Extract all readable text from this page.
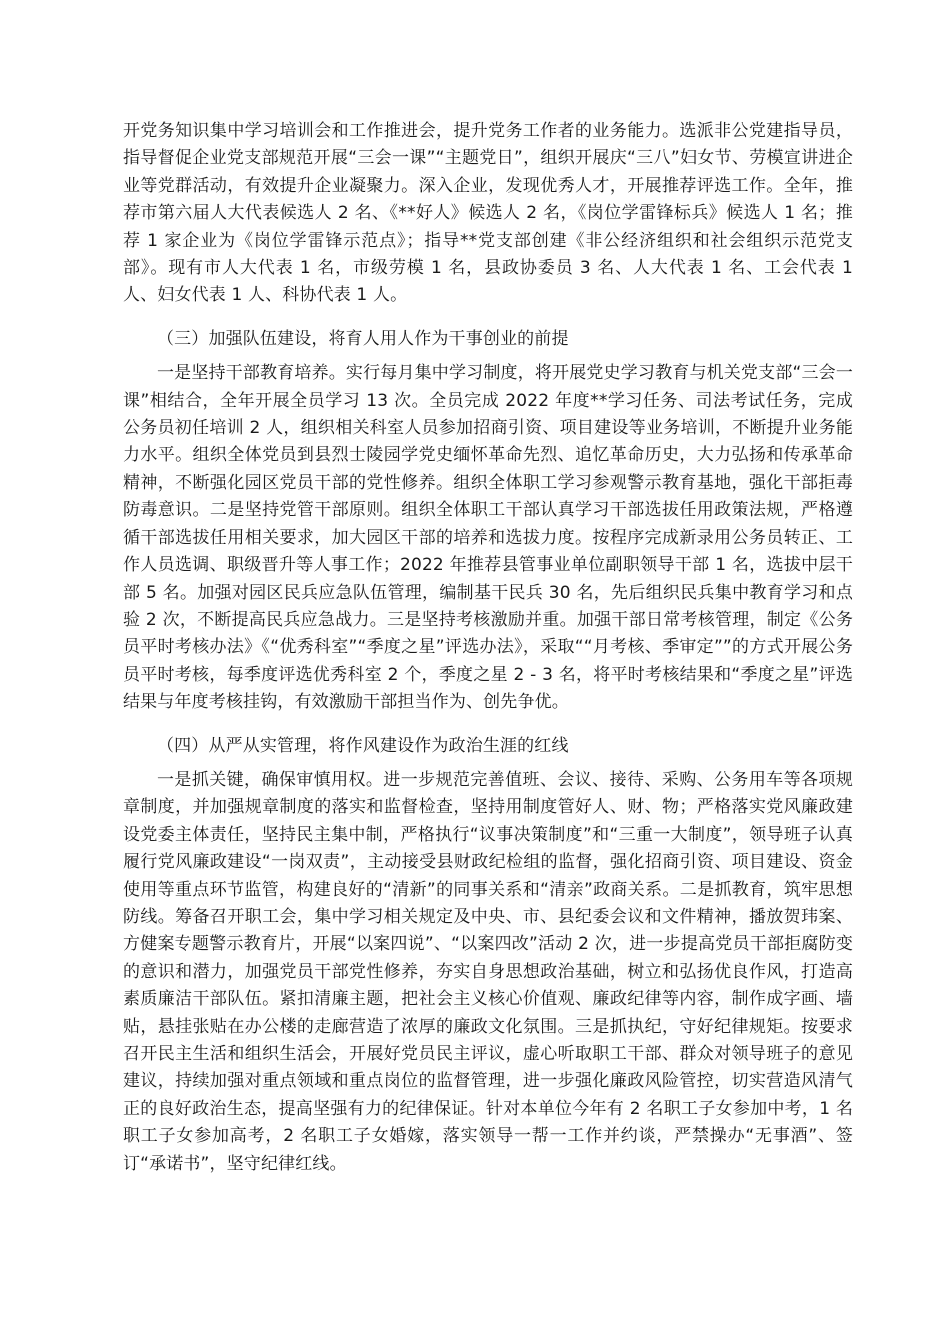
开党务知识集中学习培训会和工作推进会，提升党务工作者的业务能力。选派非公党建指导员，指导督促企业党支部规范开展“三会一课”“主题党日”，组织开展庆“三八”妇女节、劳模宣讲进企业等党群活动，有效提升企业凝聚力。深入企业，发现优秀人才，开展推荐评选工作。全年，推荐市第六届人大代表候选人 2 名、《**好人》候选人 2 名，《岗位学雷锋标兵》候选人 1 名；推荐 1 家企业为《岗位学雷锋示范点》；指导**党支部创建《非公经济组织和社会组织示范党支部》。现有市人大代表 1 名，市级劳模 1 名，县政协委员 3 名、人大代表 1 名、工会代表 1 人、妇女代表 1 人、科协代表 1 人。

（三）加强队伍建设，将育人用人作为干事创业的前提

一是坚持干部教育培养。实行每月集中学习制度，将开展党史学习教育与机关党支部“三会一课”相结合，全年开展全员学习 13 次。全员完成 2022 年度**学习任务、司法考试任务，完成公务员初任培训 2 人，组织相关科室人员参加招商引资、项目建设等业务培训，不断提升业务能力水平。组织全体党员到县烈士陵园学党史缅怀革命先烈、追忆革命历史，大力弘扬和传承革命精神，不断强化园区党员干部的党性修养。组织全体职工学习参观警示教育基地，强化干部拒毒防毒意识。二是坚持党管干部原则。组织全体职工干部认真学习干部选拔任用政策法规，严格遵循干部选拔任用相关要求，加大园区干部的培养和选拔力度。按程序完成新录用公务员转正、工作人员选调、职级晋升等人事工作；2022 年推荐县管事业单位副职领导干部 1 名，选拔中层干部 5 名。加强对园区民兵应急队伍管理，编制基干民兵 30 名，先后组织民兵集中教育学习和点验 2 次，不断提高民兵应急战力。三是坚持考核激励并重。加强干部日常考核管理，制定《公务员平时考核办法》《“优秀科室”“季度之星”评选办法》，采取““月考核、季审定””的方式开展公务员平时考核，每季度评选优秀科室 2 个，季度之星 2 - 3 名，将平时考核结果和“季度之星”评选结果与年度考核挂钩，有效激励干部担当作为、创先争优。

（四）从严从实管理，将作风建设作为政治生涯的红线

一是抓关键，确保审慎用权。进一步规范完善值班、会议、接待、采购、公务用车等各项规章制度，并加强规章制度的落实和监督检查，坚持用制度管好人、财、物；严格落实党风廉政建设党委主体责任，坚持民主集中制，严格执行“议事决策制度”和“三重一大制度”，领导班子认真履行党风廉政建设“一岗双责”，主动接受县财政纪检组的监督，强化招商引资、项目建设、资金使用等重点环节监管，构建良好的“清新”的同事关系和“清亲”政商关系。二是抓教育，筑牢思想防线。筹备召开职工会，集中学习相关规定及中央、市、县纪委会议和文件精神，播放贺玮案、方健案专题警示教育片，开展“以案四说”、“以案四改”活动 2 次，进一步提高党员干部拒腐防变的意识和潜力，加强党员干部党性修养，夯实自身思想政治基础，树立和弘扬优良作风，打造高素质廉洁干部队伍。紧扣清廉主题，把社会主义核心价值观、廉政纪律等内容，制作成字画、墙贴，悬挂张贴在办公楼的走廊营造了浓厚的廉政文化氛围。三是抓执纪，守好纪律规矩。按要求召开民主生活和组织生活会，开展好党员民主评议，虚心听取职工干部、群众对领导班子的意见建议，持续加强对重点领域和重点岗位的监督管理，进一步强化廉政风险管控，切实营造风清气正的良好政治生态，提高坚强有力的纪律保证。针对本单位今年有 2 名职工子女参加中考，1 名职工子女参加高考，2 名职工子女婚嫁，落实领导一帮一工作并约谈，严禁操办“无事酒”、签订“承诺书”，坚守纪律红线。
